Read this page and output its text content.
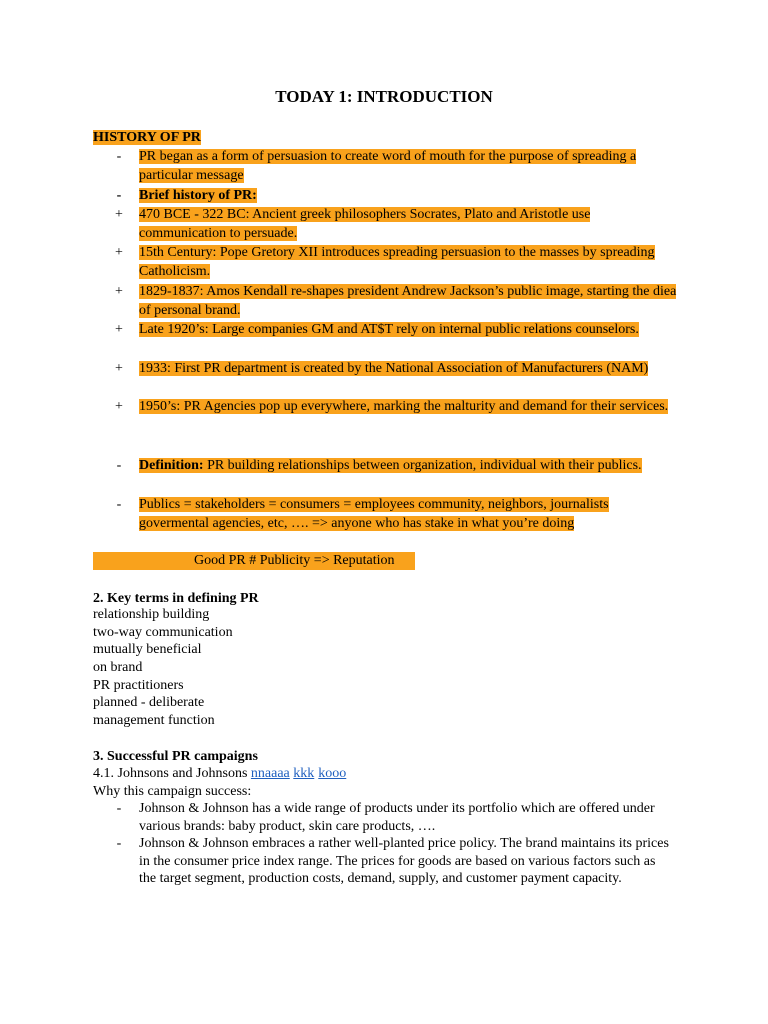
TODAY 1: INTRODUCTION
HISTORY OF PR
-	PR began as a form of persuasion to create word of mouth for the purpose of spreading a particular message
-	Brief history of PR:
+ 470 BCE - 322 BC: Ancient greek philosophers Socrates, Plato and Aristotle use communication to persuade.
+ 15th Century: Pope Gretory XII introduces spreading persuasion to the masses by spreading Catholicism.
+ 1829-1837: Amos Kendall re-shapes president Andrew Jackson’s public image, starting the diea of personal brand.
+ Late 1920’s: Large companies GM and AT$T rely on internal public relations counselors.
+ 1933: First PR department is created by the National Association of Manufacturers (NAM)
+ 1950’s: PR Agencies pop up everywhere, marking the malturity and demand for their services.
-	Definition: PR building relationships between organization, individual with their publics.
-	Publics = stakeholders = consumers = employees community, neighbors, journalists govermental agencies, etc, …. => anyone who has stake in what you’re doing
Good PR # Publicity => Reputation
2. Key terms in defining PR
relationship building
two-way communication
mutually beneficial
on brand
PR practitioners
planned - deliberate
management function
3. Successful PR campaigns
4.1. Johnsons and Johnsons nnaaaa kkk kooo
Why this campaign success:
-	Johnson & Johnson has a wide range of products under its portfolio which are offered under various brands: baby product, skin care products, ….
-	Johnson & Johnson embraces a rather well-planted price policy. The brand maintains its prices in the consumer price index range. The prices for goods are based on various factors such as the target segment, production costs, demand, supply, and customer payment capacity.
